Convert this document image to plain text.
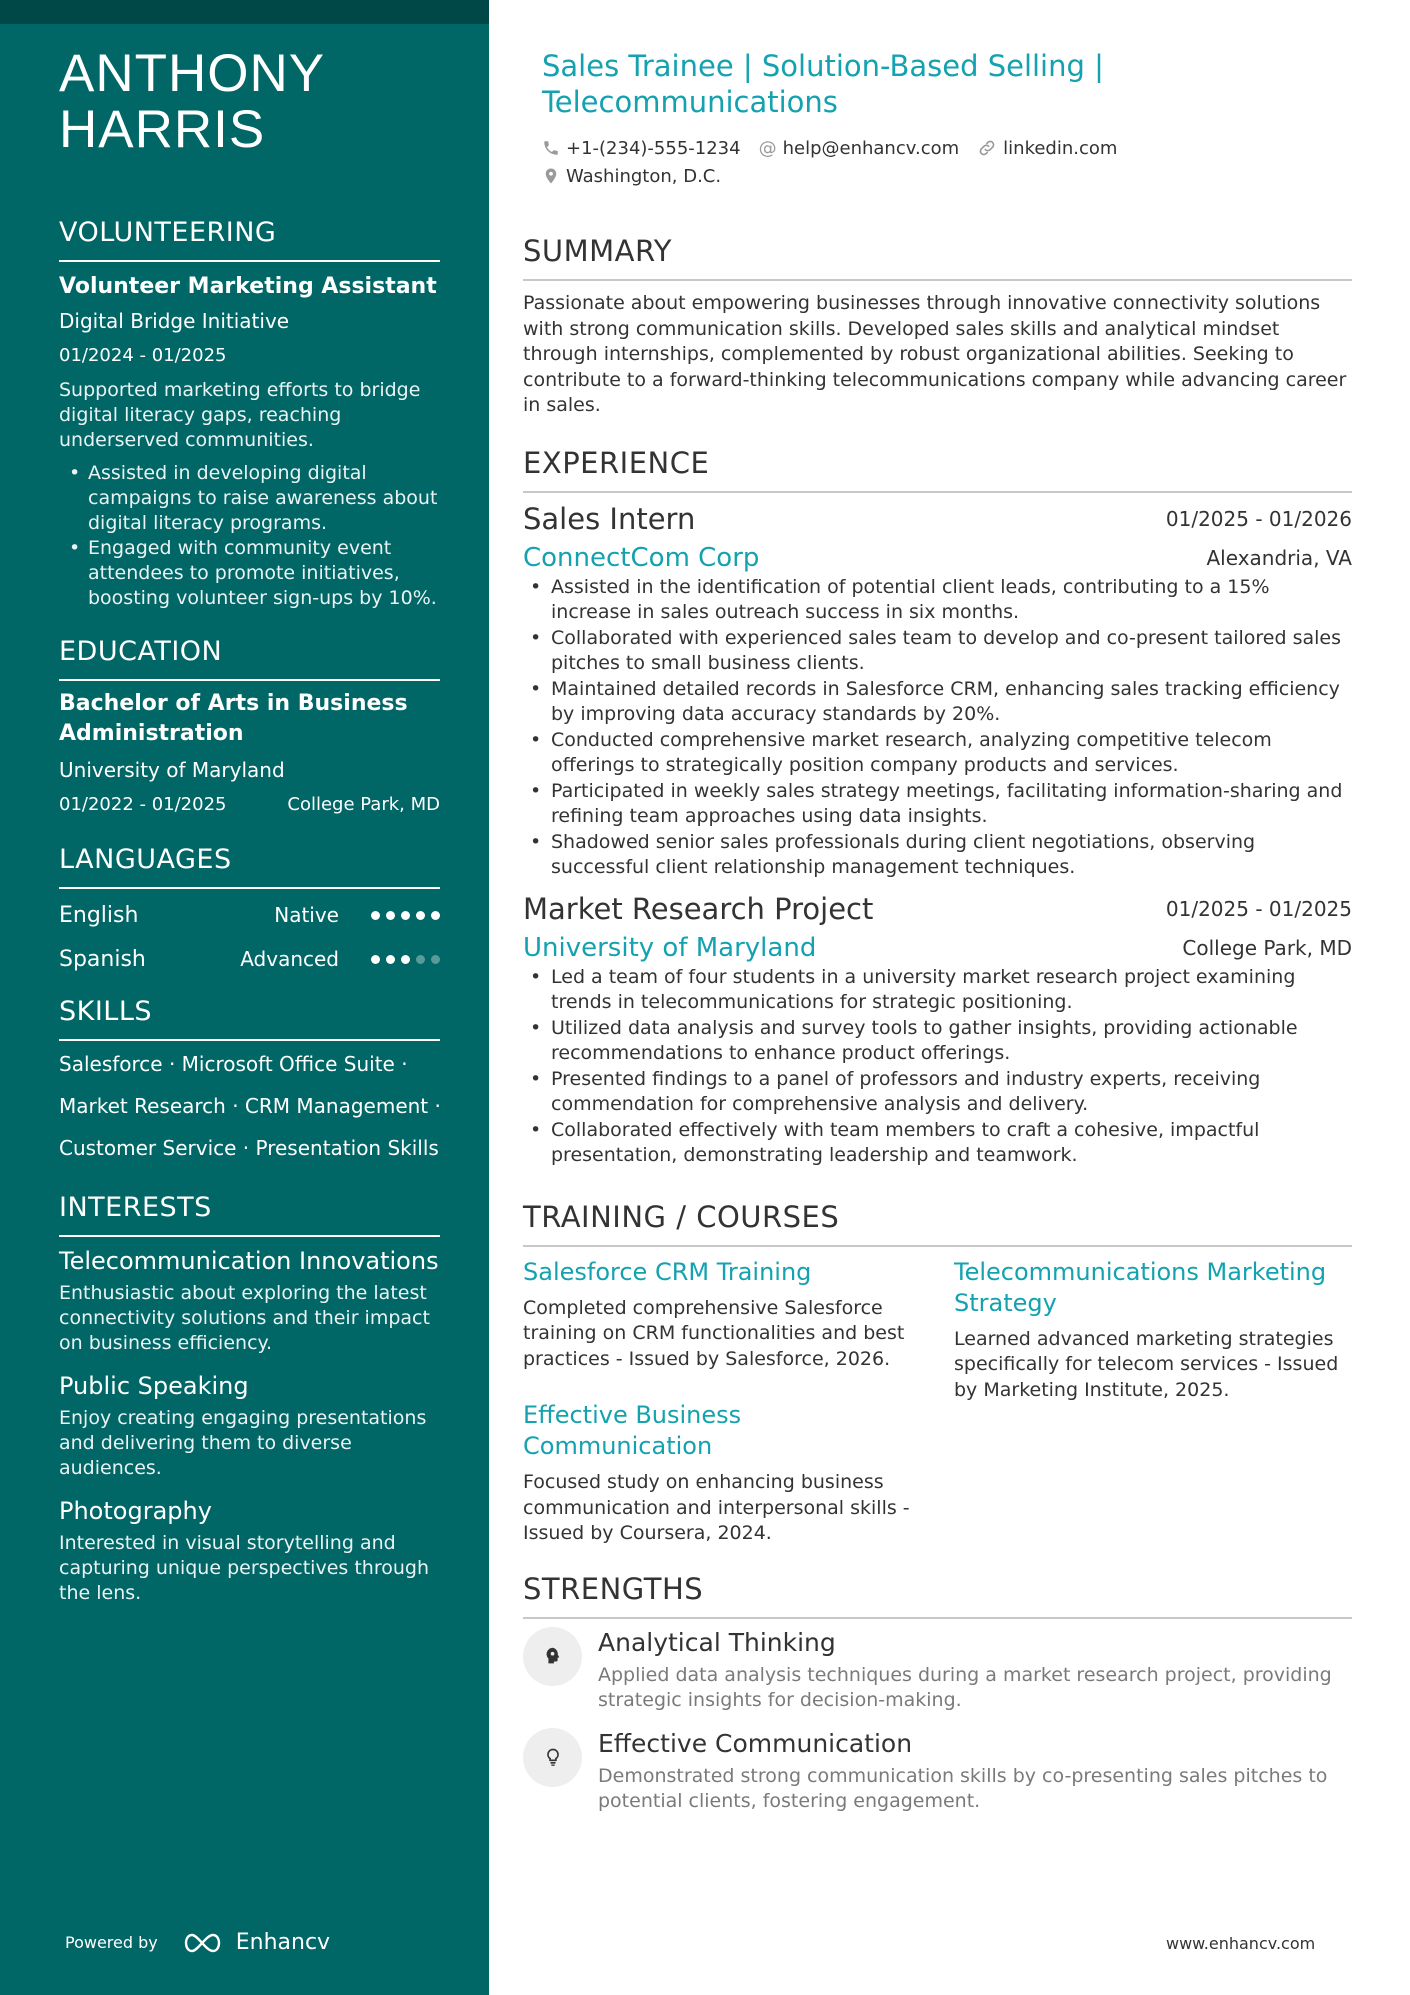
ANTHONY
HARRIS
VOLUNTEERING
Volunteer Marketing Assistant
Digital Bridge Initiative
01/2024 - 01/2025
Supported marketing efforts to bridge digital literacy gaps, reaching underserved communities.
• Assisted in developing digital campaigns to raise awareness about digital literacy programs.
• Engaged with community event attendees to promote initiatives, boosting volunteer sign-ups by 10%.
EDUCATION
Bachelor of Arts in Business Administration
University of Maryland
01/2022 - 01/2025	College Park, MD
LANGUAGES
English	Native
Spanish	Advanced
SKILLS
Salesforce · Microsoft Office Suite ·
Market Research · CRM Management ·
Customer Service · Presentation Skills
INTERESTS
Telecommunication Innovations
Enthusiastic about exploring the latest connectivity solutions and their impact on business efficiency.
Public Speaking
Enjoy creating engaging presentations and delivering them to diverse audiences.
Photography
Interested in visual storytelling and capturing unique perspectives through the lens.
Powered by	Enhancv
Sales Trainee | Solution-Based Selling | Telecommunications
+1-(234)-555-1234 @ help@enhancv.com linkedin.com
Washington, D.C.
SUMMARY
Passionate about empowering businesses through innovative connectivity solutions with strong communication skills. Developed sales skills and analytical mindset through internships, complemented by robust organizational abilities. Seeking to contribute to a forward-thinking telecommunications company while advancing career in sales.
EXPERIENCE
Sales Intern	01/2025 - 01/2026
ConnectCom Corp	Alexandria, VA
• Assisted in the identification of potential client leads, contributing to a 15% increase in sales outreach success in six months.
• Collaborated with experienced sales team to develop and co-present tailored sales pitches to small business clients.
• Maintained detailed records in Salesforce CRM, enhancing sales tracking efficiency by improving data accuracy standards by 20%.
• Conducted comprehensive market research, analyzing competitive telecom offerings to strategically position company products and services.
• Participated in weekly sales strategy meetings, facilitating information-sharing and refining team approaches using data insights.
• Shadowed senior sales professionals during client negotiations, observing successful client relationship management techniques.
Market Research Project	01/2025 - 01/2025
University of Maryland	College Park, MD
• Led a team of four students in a university market research project examining trends in telecommunications for strategic positioning.
• Utilized data analysis and survey tools to gather insights, providing actionable recommendations to enhance product offerings.
• Presented findings to a panel of professors and industry experts, receiving commendation for comprehensive analysis and delivery.
• Collaborated effectively with team members to craft a cohesive, impactful presentation, demonstrating leadership and teamwork.
TRAINING / COURSES
Salesforce CRM Training
Completed comprehensive Salesforce training on CRM functionalities and best practices - Issued by Salesforce, 2026.
Effective Business Communication
Focused study on enhancing business communication and interpersonal skills - Issued by Coursera, 2024.
Telecommunications Marketing Strategy
Learned advanced marketing strategies specifically for telecom services - Issued by Marketing Institute, 2025.
STRENGTHS
Analytical Thinking
Applied data analysis techniques during a market research project, providing strategic insights for decision-making.
Effective Communication
Demonstrated strong communication skills by co-presenting sales pitches to potential clients, fostering engagement.
www.enhancv.com
